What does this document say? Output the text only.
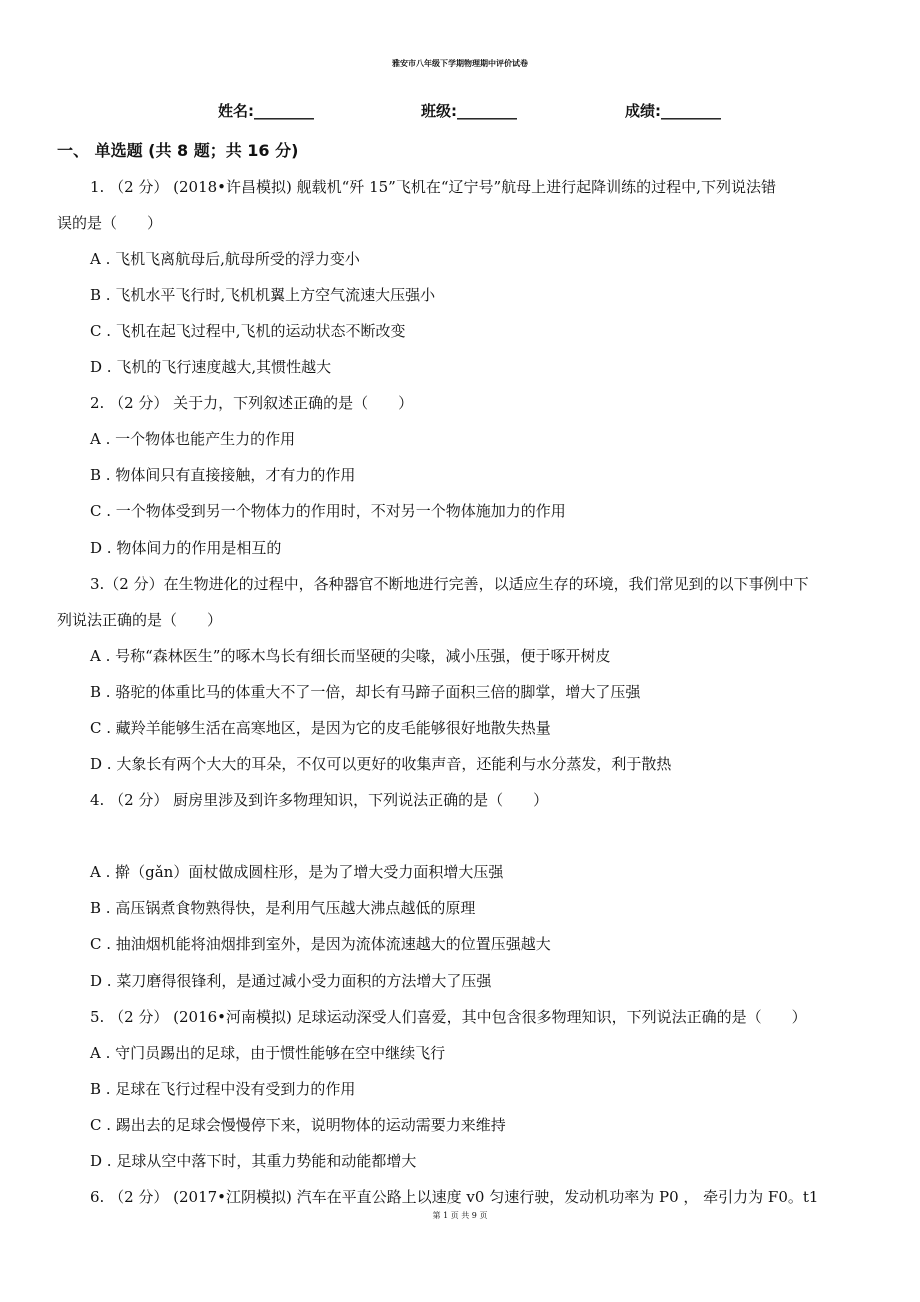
雅安市八年级下学期物理期中评价试卷
姓名:________	班级:________	成绩:________
一、 单选题 (共 8 题；共 16 分)
1. （2 分） (2018•许昌模拟) 舰载机“歼 15”飞机在“辽宁号”航母上进行起降训练的过程中,下列说法错
误的是（　　）
A . 飞机飞离航母后,航母所受的浮力变小
B . 飞机水平飞行时,飞机机翼上方空气流速大压强小
C . 飞机在起飞过程中,飞机的运动状态不断改变
D . 飞机的飞行速度越大,其惯性越大
2. （2 分） 关于力，下列叙述正确的是（　　）
A . 一个物体也能产生力的作用
B . 物体间只有直接接触，才有力的作用
C . 一个物体受到另一个物体力的作用时，不对另一个物体施加力的作用
D . 物体间力的作用是相互的
3.（2 分）在生物进化的过程中，各种器官不断地进行完善，以适应生存的环境，我们常见到的以下事例中下
列说法正确的是（　　）
A . 号称“森林医生”的啄木鸟长有细长而坚硬的尖喙，减小压强，便于啄开树皮
B . 骆驼的体重比马的体重大不了一倍，却长有马蹄子面积三倍的脚掌，增大了压强
C . 藏羚羊能够生活在高寒地区，是因为它的皮毛能够很好地散失热量
D . 大象长有两个大大的耳朵，不仅可以更好的收集声音，还能利与水分蒸发，利于散热
4. （2 分） 厨房里涉及到许多物理知识，下列说法正确的是（　　）
A . 擀（gǎn）面杖做成圆柱形，是为了增大受力面积增大压强
B . 高压锅煮食物熟得快，是利用气压越大沸点越低的原理
C . 抽油烟机能将油烟排到室外，是因为流体流速越大的位置压强越大
D . 菜刀磨得很锋利，是通过减小受力面积的方法增大了压强
5. （2 分） (2016•河南模拟) 足球运动深受人们喜爱，其中包含很多物理知识，下列说法正确的是（　　）
A . 守门员踢出的足球，由于惯性能够在空中继续飞行
B . 足球在飞行过程中没有受到力的作用
C . 踢出去的足球会慢慢停下来，说明物体的运动需要力来维持
D . 足球从空中落下时，其重力势能和动能都增大
6. （2 分） (2017•江阴模拟) 汽车在平直公路上以速度 v0 匀速行驶，发动机功率为 P0 ， 牵引力为 F0。t1
第 1 页 共 9 页
